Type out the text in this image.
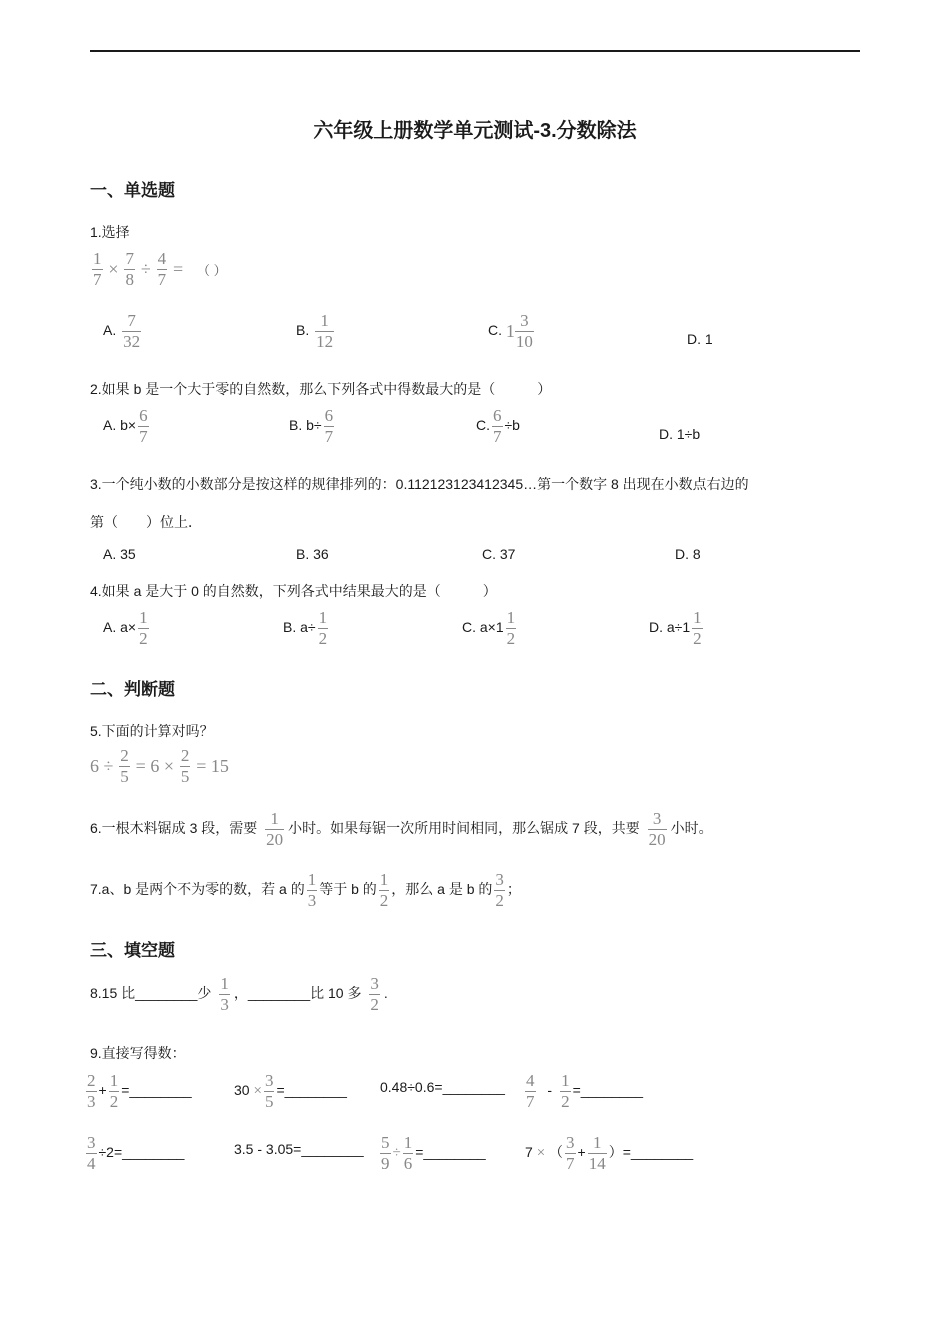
六年级上册数学单元测试-3.分数除法
一、单选题
1.选择
$\frac{1}{7} \times \frac{7}{8} \div \frac{4}{7}$ = （ ）
A. $\frac{7}{32}$	B. $\frac{1}{12}$	C. $1 \frac{3}{10}$	D. 1
2.如果 b 是一个大于零的自然数，那么下列各式中得数最大的是（　　　）
A. $b\times \frac{6}{7}$	B. $b\div \frac{6}{7}$	C. $\frac{6}{7} \div b$
D. 1÷b
3.一个纯小数的小数部分是按这样的规律排列的：0.112123123412345…第一个数字 8 出现在小数点右边的
第（　　）位上．
A. 35	B. 36	C. 37	D. 8
4.如果 a 是大于 0 的自然数，下列各式中结果最大的是（　　　）
A. $a\times \frac{1}{2}$	B. $a\div \frac{1}{2}$	C. $a\times 1 \frac{1}{2}$	D. $a\div 1 \frac{1}{2}$
二、判断题
5.下面的计算对吗？
$6 \div \frac{2}{5} = 6 \times \frac{2}{5} = 15$
6.一根木料锯成 3 段，需要 $\frac{1}{20}$ 小时。如果每锯一次所用时间相同，那么锯成 7 段，共要 $\frac{3}{20}$ 小时。
7.a、b 是两个不为零的数，若 a 的 $\frac{1}{3}$ 等于 b 的 $\frac{1}{2}$ ，那么 a 是 b 的 $\frac{3}{2}$ ；
三、填空题
8.15 比________少 $\frac{1}{3}$ ，________比 10 多 $\frac{3}{2}$ .
9.直接写得数：
$\frac{2}{3} + \frac{1}{2}$ =________	$30 \times \frac{3}{5}$ =________ 0.48÷0.6=________ $\frac{4}{7} - \frac{1}{2}$ =________
$\frac{3}{4}$ ÷2=________	3.5 - 3.05=________ $\frac{5}{9} \div \frac{1}{6}$ =________	7 × （ $\frac{3}{7} + \frac{1}{14}$ ）=________
